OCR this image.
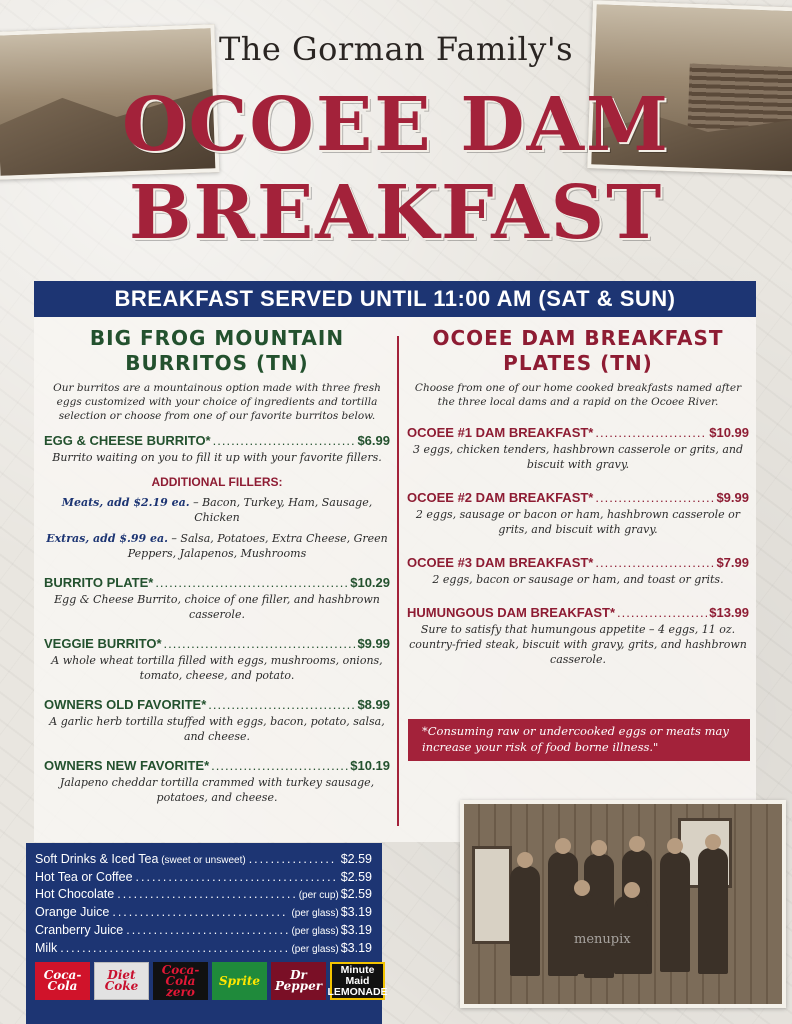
The Gorman Family's
OCOEE DAM
BREAKFAST
BREAKFAST SERVED UNTIL 11:00 AM (SAT & SUN)
BIG FROG MOUNTAIN
BURRITOS (TN)
Our burritos are a mountainous option made with three fresh eggs customized with your choice of ingredients and tortilla selection or choose from one of our favorite burritos below.
EGG & CHEESE BURRITO* .....	$6.99
Burrito waiting on you to fill it up with your favorite fillers.
ADDITIONAL FILLERS:
Meats, add $2.19 ea. – Bacon, Turkey, Ham, Sausage, Chicken
Extras, add $.99 ea. – Salsa, Potatoes, Extra Cheese, Green Peppers, Jalapenos, Mushrooms
BURRITO PLATE* .....	$10.29
Egg & Cheese Burrito, choice of one filler, and hashbrown casserole.
VEGGIE BURRITO* .....	$9.99
A whole wheat tortilla filled with eggs, mushrooms, onions, tomato, cheese, and potato.
OWNERS OLD FAVORITE* .....	$8.99
A garlic herb tortilla stuffed with eggs, bacon, potato, salsa, and cheese.
OWNERS NEW FAVORITE* .....	$10.19
Jalapeno cheddar tortilla crammed with turkey sausage, potatoes, and cheese.
OCOEE DAM BREAKFAST
PLATES (TN)
Choose from one of our home cooked breakfasts named after the three local dams and a rapid on the Ocoee River.
OCOEE #1 DAM BREAKFAST* .....	$10.99
3 eggs, chicken tenders, hashbrown casserole or grits, and biscuit with gravy.
OCOEE #2 DAM BREAKFAST* .....	$9.99
2 eggs, sausage or bacon or ham, hashbrown casserole or grits, and biscuit with gravy.
OCOEE #3 DAM BREAKFAST* .....	$7.99
2 eggs, bacon or sausage or ham, and toast or grits.
HUMUNGOUS DAM BREAKFAST* .....	$13.99
Sure to satisfy that humungous appetite – 4 eggs, 11 oz. country-fried steak, biscuit with gravy, grits, and hashbrown casserole.
*Consuming raw or undercooked eggs or meats may increase your risk of food borne illness."
Soft Drinks & Iced Tea (sweet or unsweet) .....	$2.59
Hot Tea or Coffee .....	$2.59
Hot Chocolate .....	(per cup) $2.59
Orange Juice .....	(per glass) $3.19
Cranberry Juice .....	(per glass) $3.19
Milk .....	(per glass) $3.19
Coca-Cola
Diet Coke
Coca-Cola zero
Sprite	Dr Pepper
Minute Maid LEMONADE
menupix
